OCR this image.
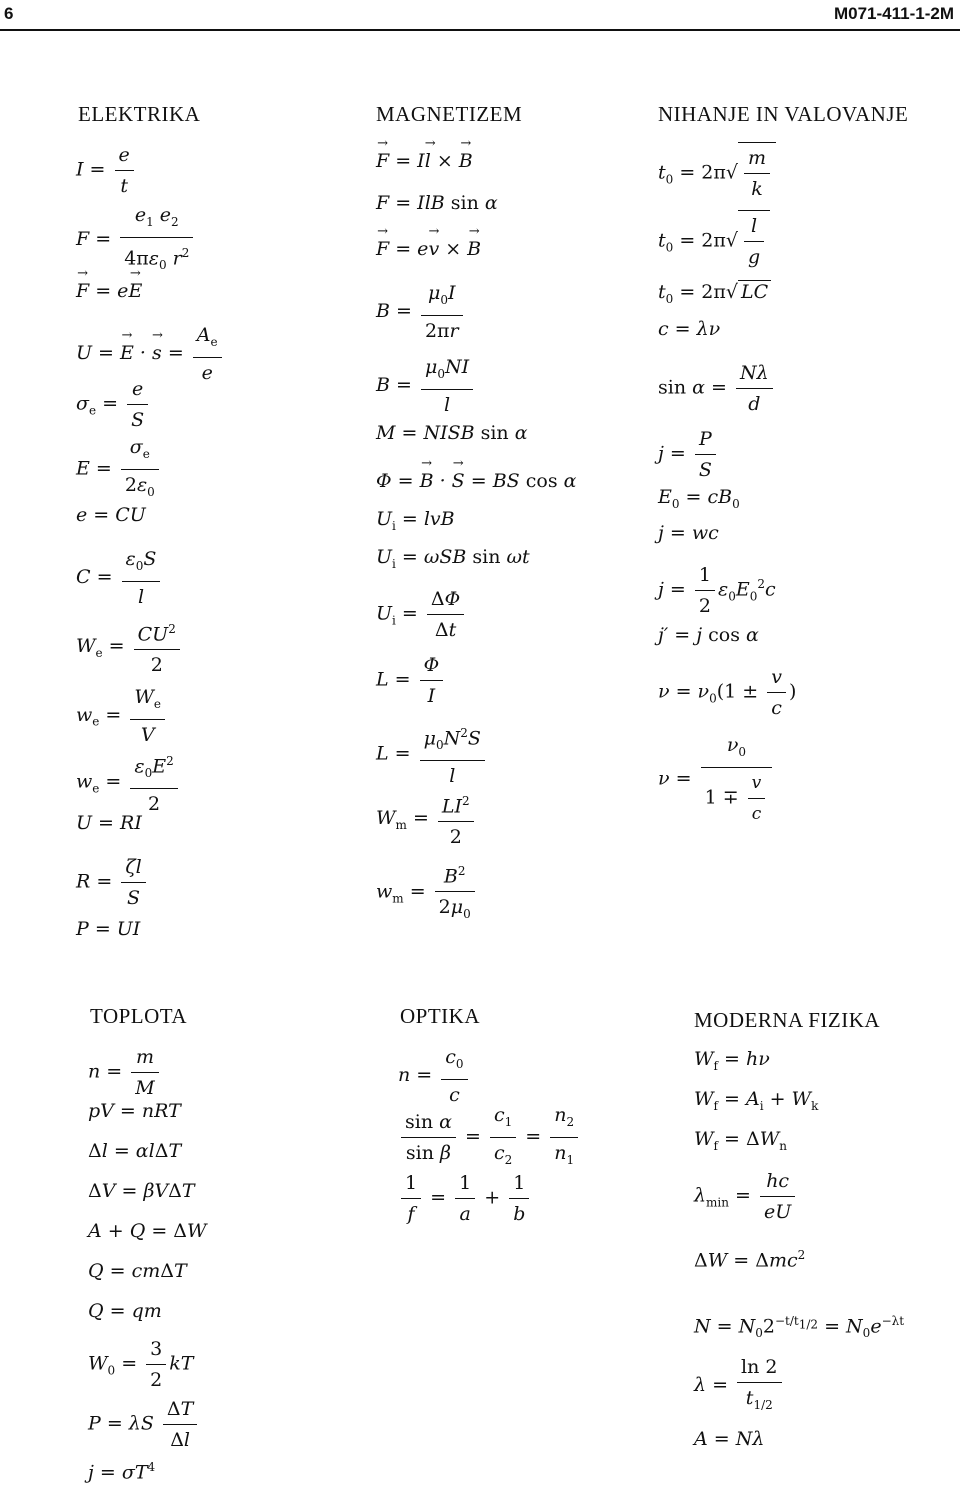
6	M071-411-1-2M
ELEKTRIKA
$I = \frac{e}{t}$
$F = \frac{e_1 e_2}{4\pi\varepsilon_0 r^2}$
→ F = e→ E
U = → E · → $s = \frac{A_e}{e}$
$\sigma_e = \frac{e}{S}$
$E = \frac{\sigma_e}{2\varepsilon_0}$
e = CU
$C = \frac{\varepsilon_0S}{l}$
$W_e = \frac{CU^2}{2}$
$w_e = \frac{W_e}{V}$
$w_e = \frac{\varepsilon_0E^2}{2}$
U = RI
$R = \frac{\zeta l}{S}$
P = UI
MAGNETIZEM
→ F = I→ l × → B
F = IlB sin α
→ F = e→ v × → B
$B = \frac{\mu_0I}{2\pi r}$
$B = \frac{\mu_0NI}{l}$
M = NISB sin α
Φ = → B · → S = BS cos α
$U_i$ = lvB
$U_i = \omega SB$ sin ωt
$U_i = \frac{\Delta\Phi}{\Delta t}$
$L = \frac{\Phi}{I}$
$L = \frac{\mu_0N^2S}{l}$
$W_m = \frac{LI^2}{2}$
$w_m = \frac{B^2}{2\mu_0}$
NIHANJE IN VALOVANJE
$t_0 = 2\pi√ \frac{m}{k}$
$t_0 = 2\pi√ \frac{l}{g}$
$t_0 = 2\pi√$ LC
c = λν
$\sin \alpha = \frac{N\lambda}{d}$
$j = \frac{P}{S}$
$E_0 = cB_0$
j = wc
$j = \frac{1}{2} \varepsilon_0E_0^2c$
j′ = j cos α
$\nu = \nu_0(1 \pm \frac{v}{c}$ )
$\nu = \frac{\nu_0}{1 \mp \frac{v}{c}}$
TOPLOTA
$n = \frac{m}{M}$
pV = nRT
Δl = αlΔT
ΔV = βVΔT
A + Q = ΔW
Q = cmΔT
Q = qm
$W_0 = \frac{3}{2}$ kT
P = λS $\frac{\Delta T}{\Delta l}$
$j = \sigma T^4$
OPTIKA
$n = \frac{c_0}{c}$
$\frac{\text{sin α}}{\text{sin β}} = \frac{c_1}{c_2} = \frac{n_2}{n_1}$
$\frac{1}{f} = \frac{1}{a} + \frac{1}{b}$
MODERNA FIZIKA
$W_f = h\nu$
$W_f = A_i + W_k$
$W_f = \Delta W_n$
$\lambda_{min} = \frac{hc}{eU}$
ΔW = Δmc$^2$
$N = N_02^{-t/t_{1/2}} = N_0e^{-\lambda t}$
$\lambda = \frac{\ln 2}{t_{1/2}}$
A = Nλ
